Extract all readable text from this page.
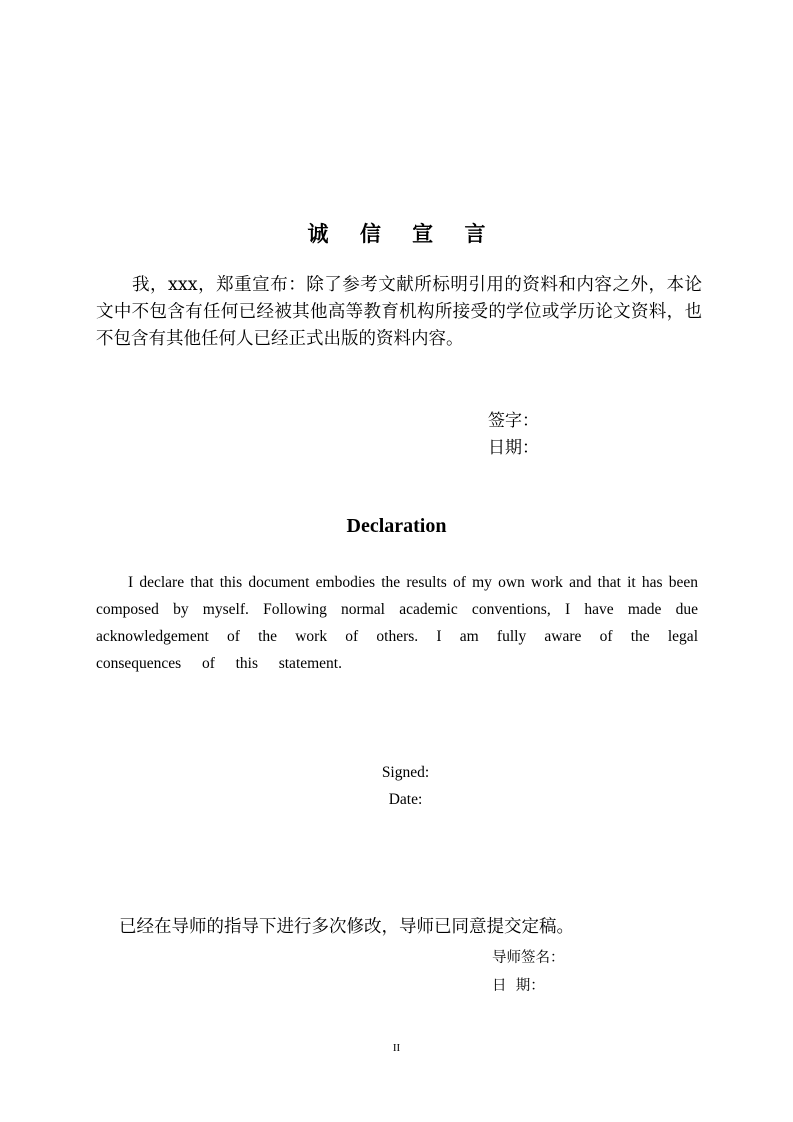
诚 信 宣 言
我，xxx，郑重宣布：除了参考文献所标明引用的资料和内容之外，本论文中不包含有任何已经被其他高等教育机构所接受的学位或学历论文资料，也不包含有其他任何人已经正式出版的资料内容。
签字：
日期：
Declaration
I declare that this document embodies the results of my own work and that it has been composed by myself. Following normal academic conventions, I have made due acknowledgement of the work of others. I am fully aware of the legal
consequences of this statement.
Signed:
Date:
已经在导师的指导下进行多次修改，导师已同意提交定稿。
导师签名：
日  期：
II
